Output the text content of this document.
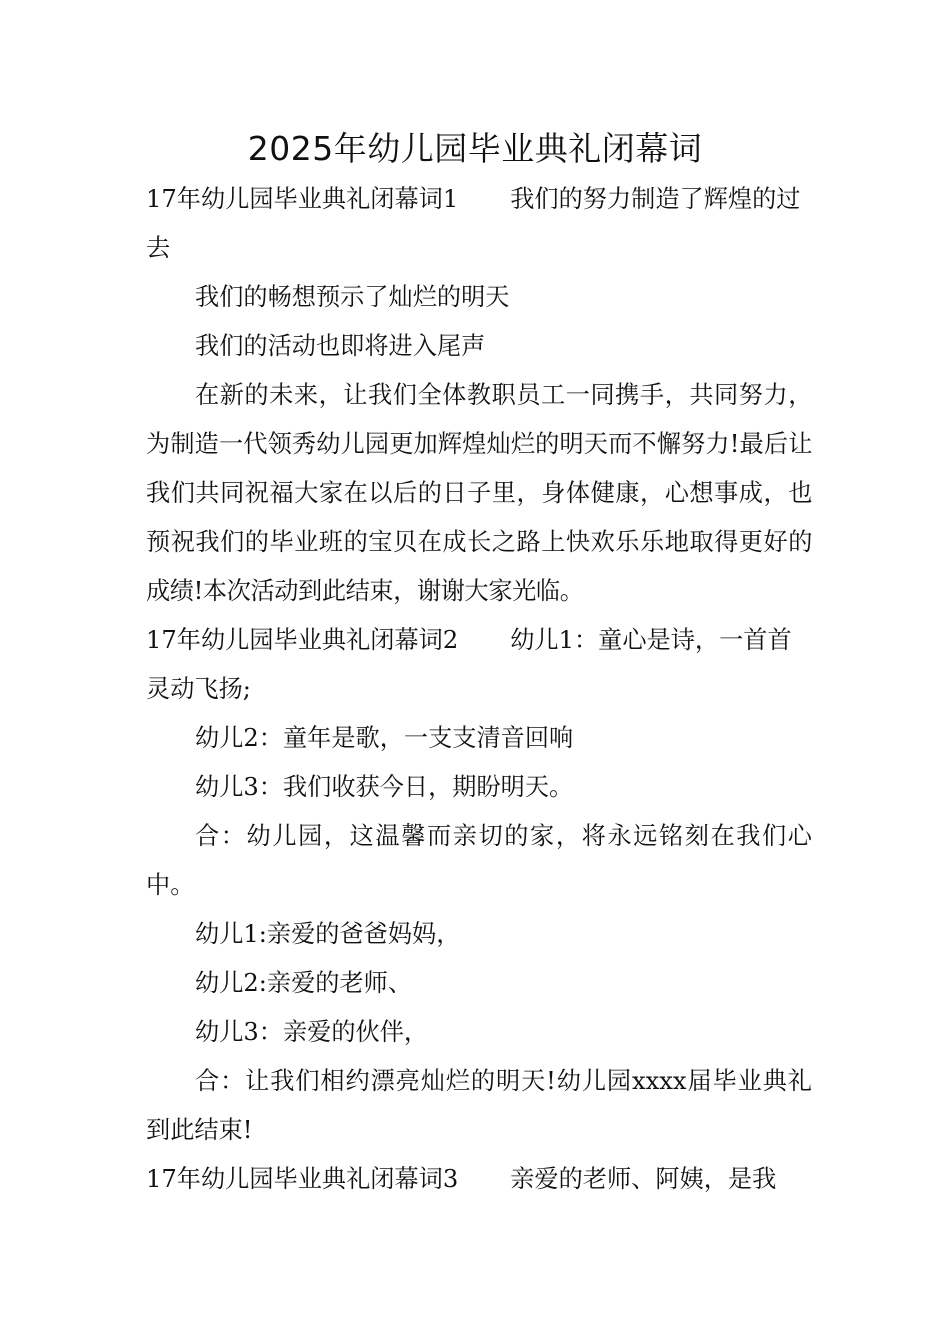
2025年幼儿园毕业典礼闭幕词

17年幼儿园毕业典礼闭幕词1 我们的努力制造了辉煌的过去

我们的畅想预示了灿烂的明天

我们的活动也即将进入尾声

在新的未来，让我们全体教职员工一同携手，共同努力，为制造一代领秀幼儿园更加辉煌灿烂的明天而不懈努力!最后让我们共同祝福大家在以后的日子里，身体健康，心想事成，也预祝我们的毕业班的宝贝在成长之路上快欢乐乐地取得更好的成绩!本次活动到此结束，谢谢大家光临。

17年幼儿园毕业典礼闭幕词2 幼儿1：童心是诗，一首首灵动飞扬;

幼儿2：童年是歌，一支支清音回响

幼儿3：我们收获今日，期盼明天。

合：幼儿园，这温馨而亲切的家，将永远铭刻在我们心中。

幼儿1:亲爱的爸爸妈妈，

幼儿2:亲爱的老师、

幼儿3：亲爱的伙伴，

合：让我们相约漂亮灿烂的明天!幼儿园xxxx届毕业典礼到此结束!

17年幼儿园毕业典礼闭幕词3 亲爱的老师、阿姨，是我
